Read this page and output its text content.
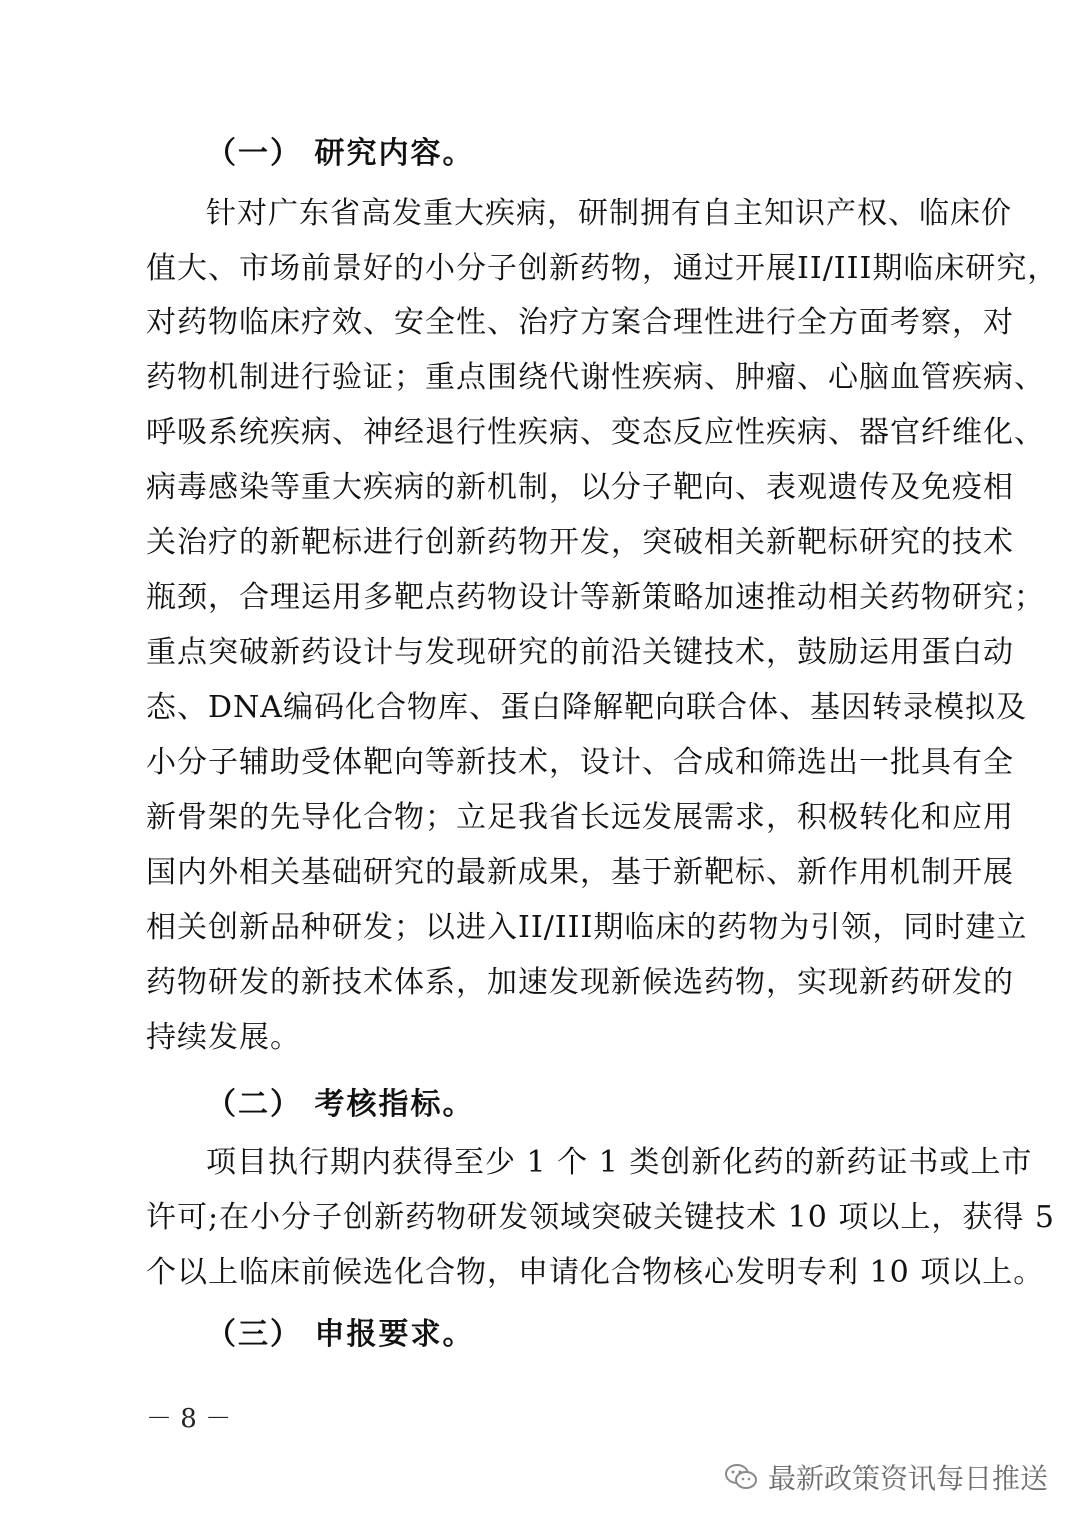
（一） 研究内容。
针对广东省高发重大疾病，研制拥有自主知识产权、临床价
值大、市场前景好的小分子创新药物，通过开展II/III期临床研究，
对药物临床疗效、安全性、治疗方案合理性进行全方面考察，对
药物机制进行验证；重点围绕代谢性疾病、肿瘤、心脑血管疾病、
呼吸系统疾病、神经退行性疾病、变态反应性疾病、器官纤维化、
病毒感染等重大疾病的新机制，以分子靶向、表观遗传及免疫相
关治疗的新靶标进行创新药物开发，突破相关新靶标研究的技术
瓶颈，合理运用多靶点药物设计等新策略加速推动相关药物研究；
重点突破新药设计与发现研究的前沿关键技术，鼓励运用蛋白动
态、DNA编码化合物库、蛋白降解靶向联合体、基因转录模拟及
小分子辅助受体靶向等新技术，设计、合成和筛选出一批具有全
新骨架的先导化合物；立足我省长远发展需求，积极转化和应用
国内外相关基础研究的最新成果，基于新靶标、新作用机制开展
相关创新品种研发；以进入II/III期临床的药物为引领，同时建立
药物研发的新技术体系，加速发现新候选药物，实现新药研发的
持续发展。
（二） 考核指标。
项目执行期内获得至少 1 个 1 类创新化药的新药证书或上市
许可;在小分子创新药物研发领域突破关键技术 10 项以上，获得 5
个以上临床前候选化合物，申请化合物核心发明专利 10 项以上。
（三） 申报要求。
－ 8 －
最新政策资讯每日推送
